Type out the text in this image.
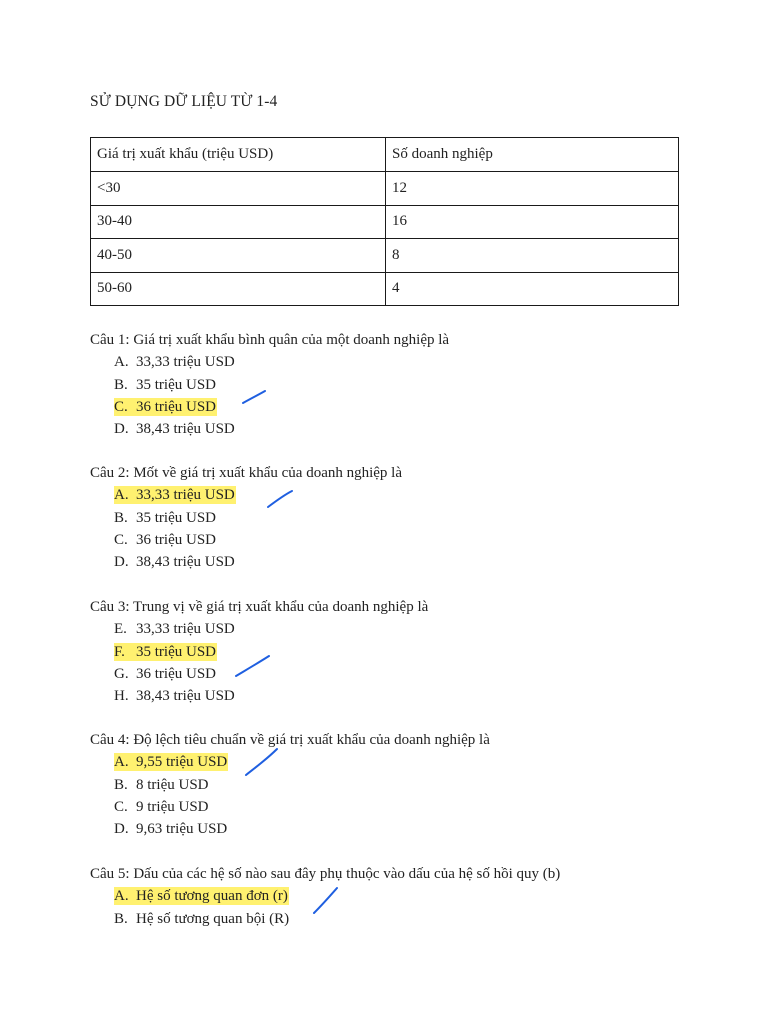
SỬ DỤNG DỮ LIỆU TỪ 1-4
Giá trị xuất khẩu (triệu USD)	Số doanh nghiệp
<30	12
30-40	16
40-50	8
50-60	4
Câu 1: Giá trị xuất khẩu bình quân của một doanh nghiệp là
A. 33,33 triệu USD
B. 35 triệu USD
C. 36 triệu USD
D. 38,43 triệu USD
Câu 2: Mốt về giá trị xuất khẩu của doanh nghiệp là
A. 33,33 triệu USD
B. 35 triệu USD
C. 36 triệu USD
D. 38,43 triệu USD
Câu 3: Trung vị về giá trị xuất khẩu của doanh nghiệp là
E. 33,33 triệu USD
F. 35 triệu USD
G. 36 triệu USD
H. 38,43 triệu USD
Câu 4: Độ lệch tiêu chuẩn về giá trị xuất khẩu của doanh nghiệp là
A. 9,55 triệu USD
B. 8 triệu USD
C. 9 triệu USD
D. 9,63 triệu USD
Câu 5: Dấu của các hệ số nào sau đây phụ thuộc vào dấu của hệ số hồi quy (b)
A. Hệ số tương quan đơn (r)
B. Hệ số tương quan bội (R)
